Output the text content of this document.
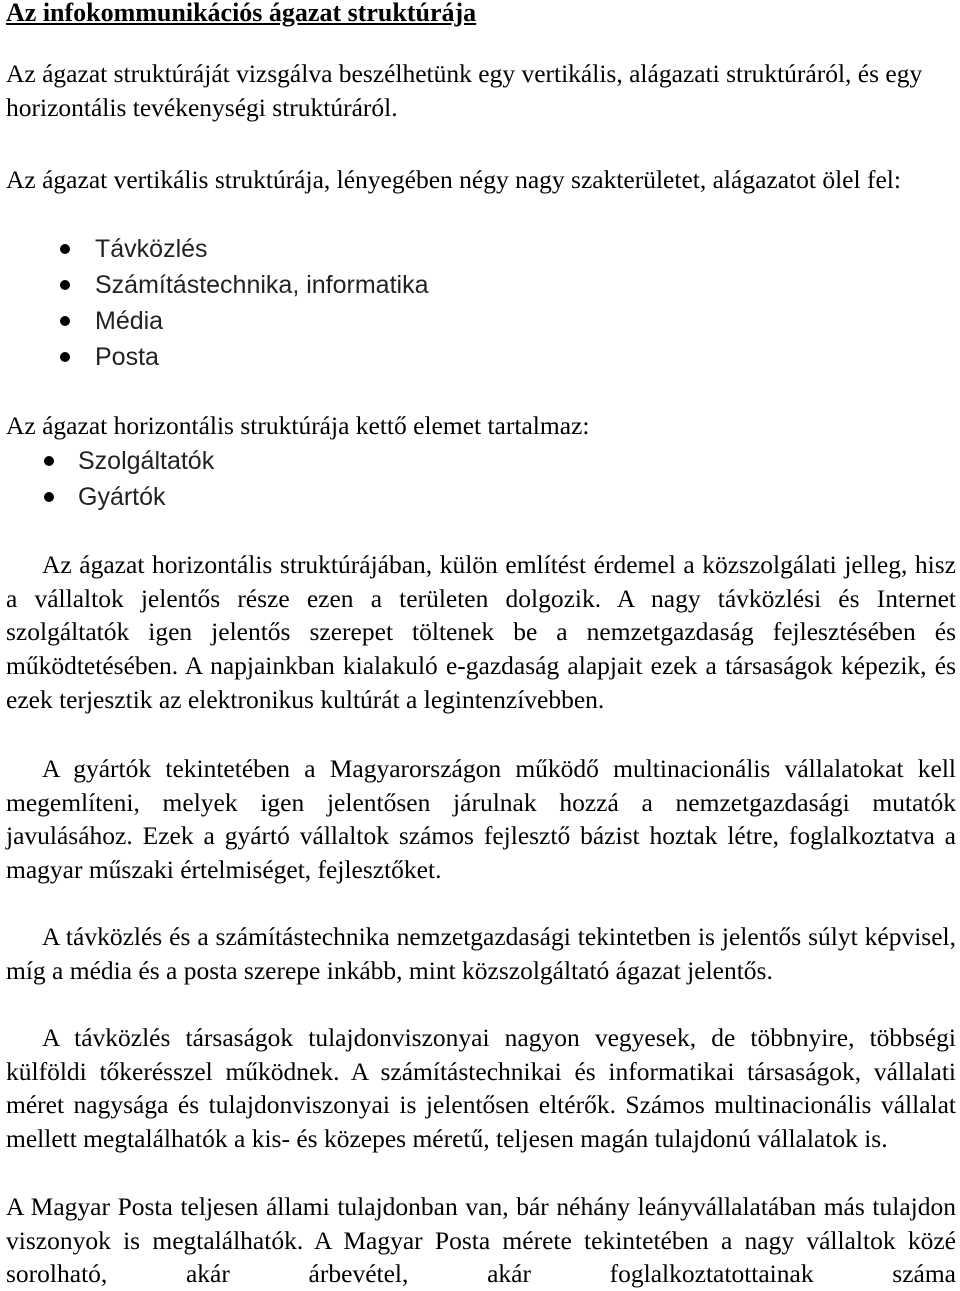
Az infokommunikációs ágazat struktúrája

Az ágazat struktúráját vizsgálva beszélhetünk egy vertikális, alágazati struktúráról, és egy horizontális tevékenységi struktúráról.

Az ágazat vertikális struktúrája, lényegében négy nagy szakterületet, alágazatot ölel fel:

Távközlés
Számítástechnika, informatika
Média
Posta

Az ágazat horizontális struktúrája kettő elemet tartalmaz:

Szolgáltatók
Gyártók

Az ágazat horizontális struktúrájában, külön említést érdemel a közszolgálati jelleg, hisz a vállaltok jelentős része ezen a területen dolgozik. A nagy távközlési és Internet szolgáltatók igen jelentős szerepet töltenek be a nemzetgazdaság fejlesztésében és működtetésében. A napjainkban kialakuló e-gazdaság alapjait ezek a társaságok képezik, és ezek terjesztik az elektronikus kultúrát a legintenzívebben.

A gyártók tekintetében a Magyarországon működő multinacionális vállalatokat kell megemlíteni, melyek igen jelentősen járulnak hozzá a nemzetgazdasági mutatók javulásához. Ezek a gyártó vállaltok számos fejlesztő bázist hoztak létre, foglalkoztatva a magyar műszaki értelmiséget, fejlesztőket.

A távközlés és a számítástechnika nemzetgazdasági tekintetben is jelentős súlyt képvisel, míg a média és a posta szerepe inkább, mint közszolgáltató ágazat jelentős.

A távközlés társaságok tulajdonviszonyai nagyon vegyesek, de többnyire, többségi külföldi tőkerésszel működnek. A számítástechnikai és informatikai társaságok, vállalati méret nagysága és tulajdonviszonyai is jelentősen eltérők. Számos multinacionális vállalat mellett megtalálhatók a kis- és közepes méretű, teljesen magán tulajdonú vállalatok is.

A Magyar Posta teljesen állami tulajdonban van, bár néhány leányvállalatában más tulajdon viszonyok is megtalálhatók. A Magyar Posta mérete tekintetében a nagy vállaltok közé sorolható, akár árbevétel, akár foglalkoztatottainak száma
